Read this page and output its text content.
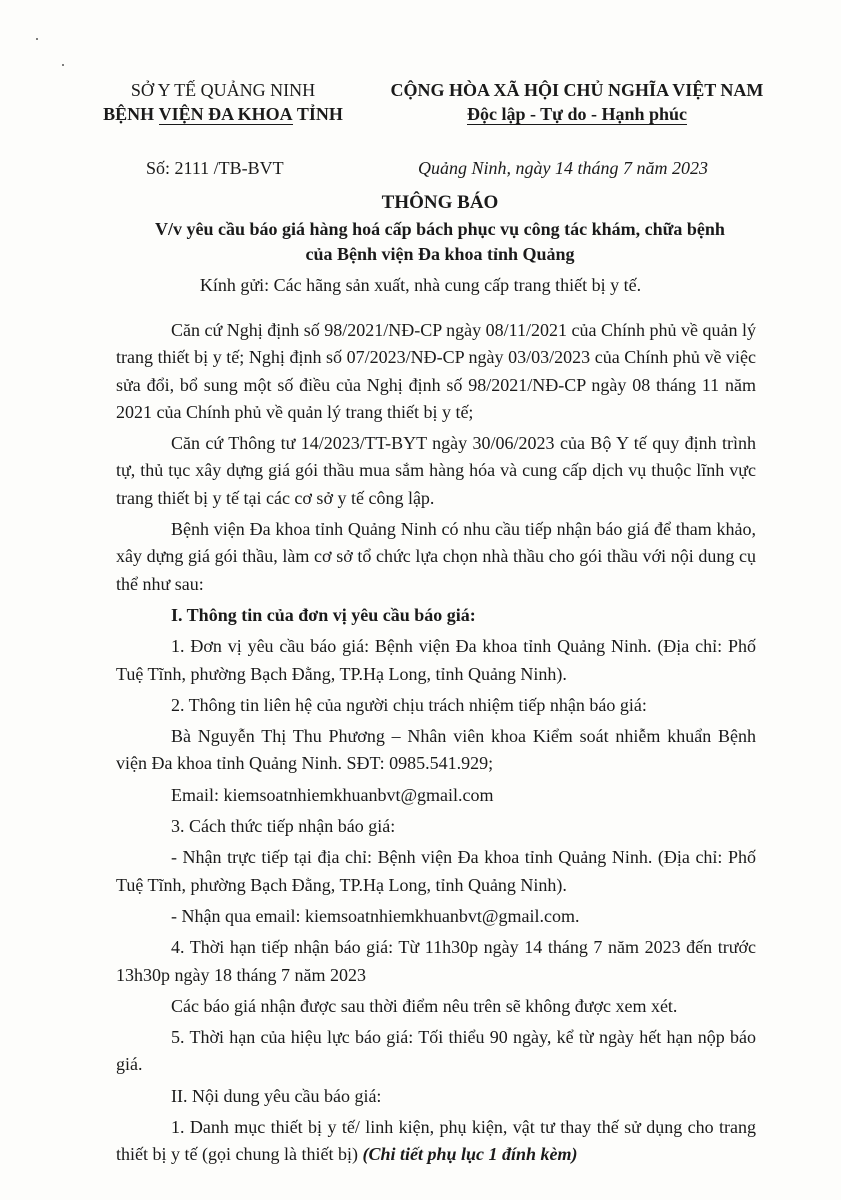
SỞ Y TẾ QUẢNG NINH
BỆNH VIỆN ĐA KHOA TỈNH
CỘNG HÒA XÃ HỘI CHỦ NGHĨA VIỆT NAM
Độc lập - Tự do - Hạnh phúc
Số: 2111 /TB-BVT	Quảng Ninh, ngày 14 tháng 7 năm 2023
THÔNG BÁO
V/v yêu cầu báo giá hàng hoá cấp bách phục vụ công tác khám, chữa bệnh
của Bệnh viện Đa khoa tỉnh Quảng
Kính gửi: Các hãng sản xuất, nhà cung cấp trang thiết bị y tế.

Căn cứ Nghị định số 98/2021/NĐ-CP ngày 08/11/2021 của Chính phủ về quản lý trang thiết bị y tế; Nghị định số 07/2023/NĐ-CP ngày 03/03/2023 của Chính phủ về việc sửa đổi, bổ sung một số điều của Nghị định số 98/2021/NĐ-CP ngày 08 tháng 11 năm 2021 của Chính phủ về quản lý trang thiết bị y tế;

Căn cứ Thông tư 14/2023/TT-BYT ngày 30/06/2023 của Bộ Y tế quy định trình tự, thủ tục xây dựng giá gói thầu mua sắm hàng hóa và cung cấp dịch vụ thuộc lĩnh vực trang thiết bị y tế tại các cơ sở y tế công lập.

Bệnh viện Đa khoa tỉnh Quảng Ninh có nhu cầu tiếp nhận báo giá để tham khảo, xây dựng giá gói thầu, làm cơ sở tổ chức lựa chọn nhà thầu cho gói thầu với nội dung cụ thể như sau:

I. Thông tin của đơn vị yêu cầu báo giá:

1. Đơn vị yêu cầu báo giá: Bệnh viện Đa khoa tỉnh Quảng Ninh. (Địa chỉ: Phố Tuệ Tĩnh, phường Bạch Đằng, TP.Hạ Long, tỉnh Quảng Ninh).

2. Thông tin liên hệ của người chịu trách nhiệm tiếp nhận báo giá:

Bà Nguyễn Thị Thu Phương – Nhân viên khoa Kiểm soát nhiễm khuẩn Bệnh viện Đa khoa tỉnh Quảng Ninh. SĐT: 0985.541.929;

Email: kiemsoatnhiemkhuanbvt@gmail.com

3. Cách thức tiếp nhận báo giá:

- Nhận trực tiếp tại địa chỉ: Bệnh viện Đa khoa tỉnh Quảng Ninh. (Địa chỉ: Phố Tuệ Tĩnh, phường Bạch Đằng, TP.Hạ Long, tỉnh Quảng Ninh).

- Nhận qua email: kiemsoatnhiemkhuanbvt@gmail.com.

4. Thời hạn tiếp nhận báo giá: Từ 11h30p ngày 14 tháng 7 năm 2023 đến trước 13h30p ngày 18 tháng 7 năm 2023

Các báo giá nhận được sau thời điểm nêu trên sẽ không được xem xét.

5. Thời hạn của hiệu lực báo giá: Tối thiểu 90 ngày, kể từ ngày hết hạn nộp báo giá.

II. Nội dung yêu cầu báo giá:

1. Danh mục thiết bị y tế/ linh kiện, phụ kiện, vật tư thay thế sử dụng cho trang thiết bị y tế (gọi chung là thiết bị) (Chi tiết phụ lục 1 đính kèm)
